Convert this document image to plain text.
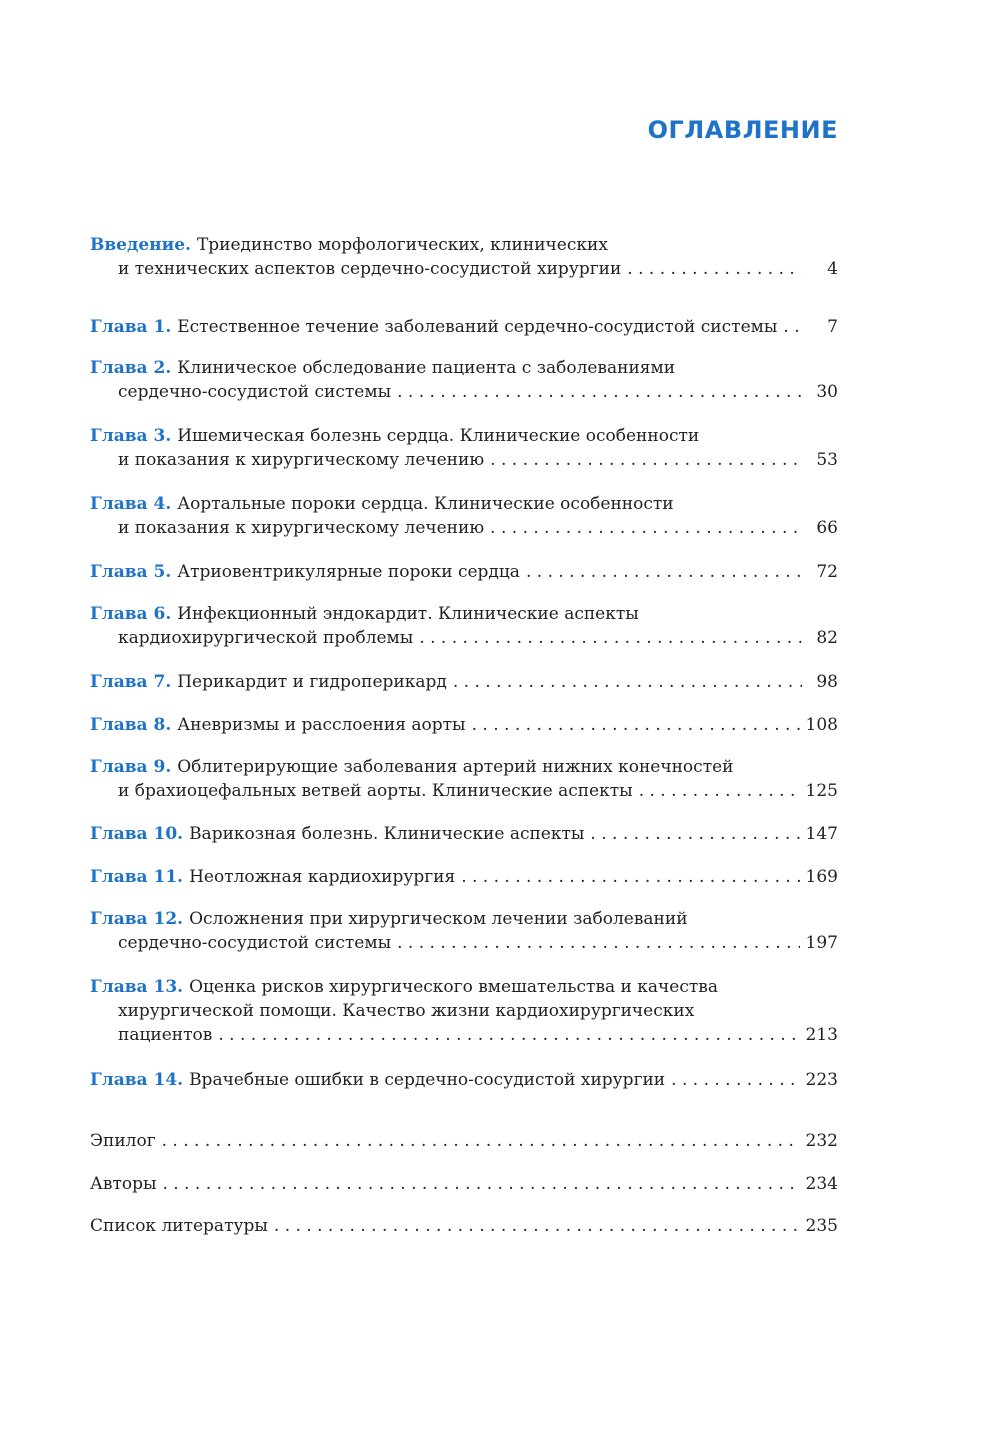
ОГЛАВЛЕНИЕ
Введение. Триединство морфологических, клинических
и технических аспектов сердечно-сосудистой хирургии . . .	4
Глава 1. Естественное течение заболеваний сердечно-сосудистой системы . . .	7
Глава 2. Клиническое обследование пациента с заболеваниями
сердечно-сосудистой системы . . .	30
Глава 3. Ишемическая болезнь сердца. Клинические особенности
и показания к хирургическому лечению . . .	53
Глава 4. Аортальные пороки сердца. Клинические особенности
и показания к хирургическому лечению . . .	66
Глава 5. Атриовентрикулярные пороки сердца . . .	72
Глава 6. Инфекционный эндокардит. Клинические аспекты
кардиохирургической проблемы . . .	82
Глава 7. Перикардит и гидроперикард . . .	98
Глава 8. Аневризмы и расслоения аорты . . .	108
Глава 9. Облитерирующие заболевания артерий нижних конечностей
и брахиоцефальных ветвей аорты. Клинические аспекты . . .	125
Глава 10. Варикозная болезнь. Клинические аспекты . . .	147
Глава 11. Неотложная кардиохирургия . . .	169
Глава 12. Осложнения при хирургическом лечении заболеваний
сердечно-сосудистой системы . . .	197
Глава 13. Оценка рисков хирургического вмешательства и качества
хирургической помощи. Качество жизни кардиохирургических
пациентов . . .	213
Глава 14. Врачебные ошибки в сердечно-сосудистой хирургии . . .	223
Эпилог . . .	232
Авторы . . .	234
Список литературы . . .	235
